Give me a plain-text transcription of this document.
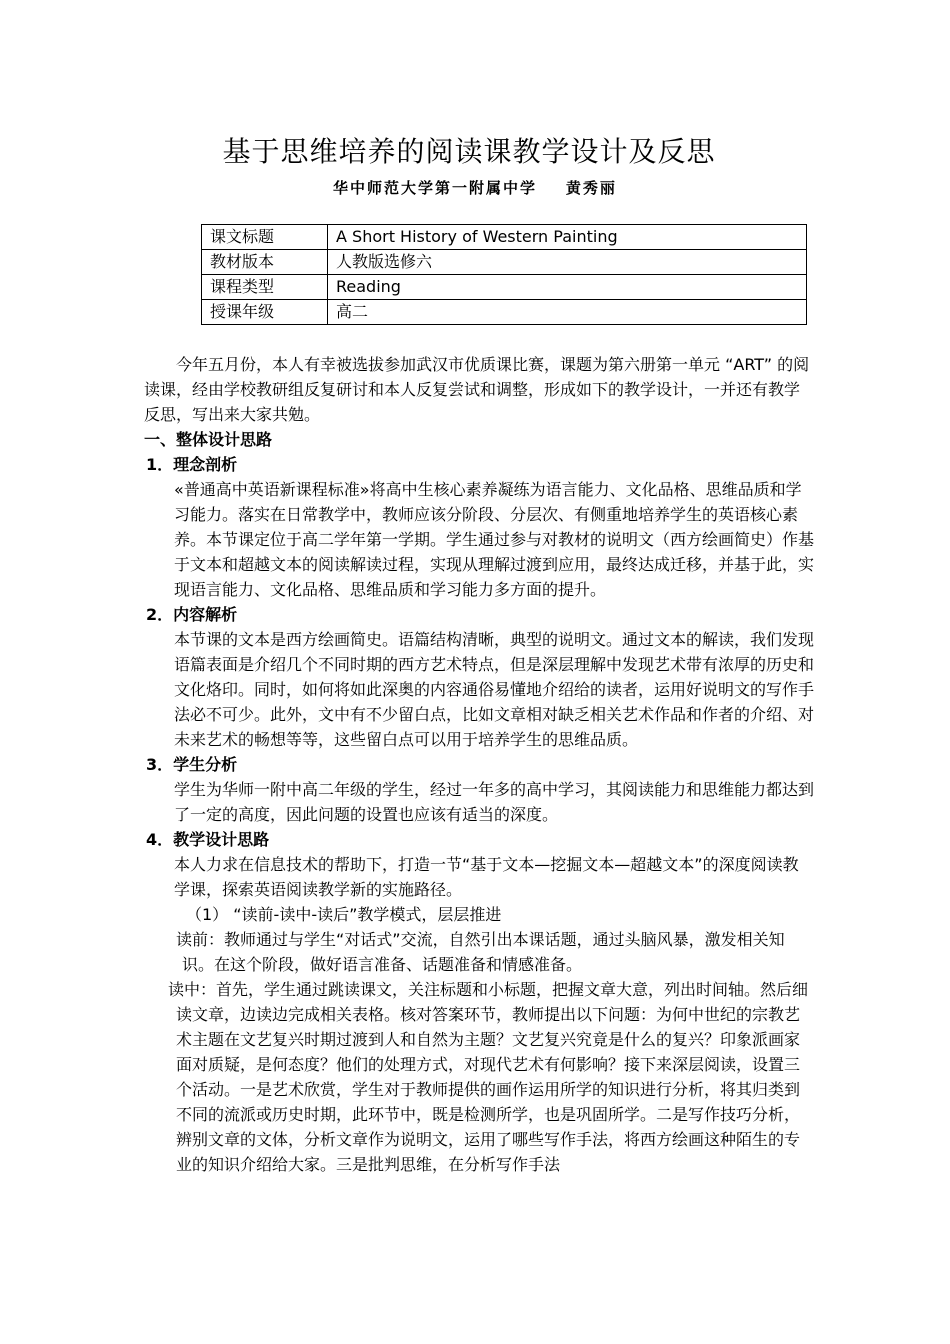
基于思维培养的阅读课教学设计及反思
华中师范大学第一附属中学    黄秀丽
课文标题	A Short History of Western Painting
教材版本	人教版选修六
课程类型	Reading
授课年级	高二

今年五月份，本人有幸被选拔参加武汉市优质课比赛，课题为第六册第一单元 “ART” 的阅读课，经由学校教研组反复研讨和本人反复尝试和调整，形成如下的教学设计，一并还有教学反思，写出来大家共勉。

一、整体设计思路

1．理念剖析

«普通高中英语新课程标准»将高中生核心素养凝练为语言能力、文化品格、思维品质和学习能力。落实在日常教学中，教师应该分阶段、分层次、有侧重地培养学生的英语核心素养。本节课定位于高二学年第一学期。学生通过参与对教材的说明文（西方绘画简史）作基于文本和超越文本的阅读解读过程，实现从理解过渡到应用，最终达成迁移，并基于此，实现语言能力、文化品格、思维品质和学习能力多方面的提升。

2．内容解析

本节课的文本是西方绘画简史。语篇结构清晰，典型的说明文。通过文本的解读，我们发现语篇表面是介绍几个不同时期的西方艺术特点，但是深层理解中发现艺术带有浓厚的历史和文化烙印。同时，如何将如此深奥的内容通俗易懂地介绍给的读者，运用好说明文的写作手法必不可少。此外，文中有不少留白点，比如文章相对缺乏相关艺术作品和作者的介绍、对未来艺术的畅想等等，这些留白点可以用于培养学生的思维品质。

3．学生分析

学生为华师一附中高二年级的学生，经过一年多的高中学习，其阅读能力和思维能力都达到了一定的高度，因此问题的设置也应该有适当的深度。

4．教学设计思路

本人力求在信息技术的帮助下，打造一节“基于文本—挖掘文本—超越文本”的深度阅读教学课，探索英语阅读教学新的实施路径。

（1） “读前-读中-读后”教学模式，层层推进

读前：教师通过与学生“对话式”交流，自然引出本课话题，通过头脑风暴，激发相关知识。在这个阶段，做好语言准备、话题准备和情感准备。

读中：首先，学生通过跳读课文，关注标题和小标题，把握文章大意，列出时间轴。然后细读文章，边读边完成相关表格。核对答案环节，教师提出以下问题：为何中世纪的宗教艺术主题在文艺复兴时期过渡到人和自然为主题？文艺复兴究竟是什么的复兴？印象派画家面对质疑，是何态度？他们的处理方式，对现代艺术有何影响？接下来深层阅读，设置三个活动。一是艺术欣赏，学生对于教师提供的画作运用所学的知识进行分析，将其归类到不同的流派或历史时期，此环节中，既是检测所学，也是巩固所学。二是写作技巧分析，辨别文章的文体，分析文章作为说明文，运用了哪些写作手法，将西方绘画这种陌生的专业的知识介绍给大家。三是批判思维，在分析写作手法
